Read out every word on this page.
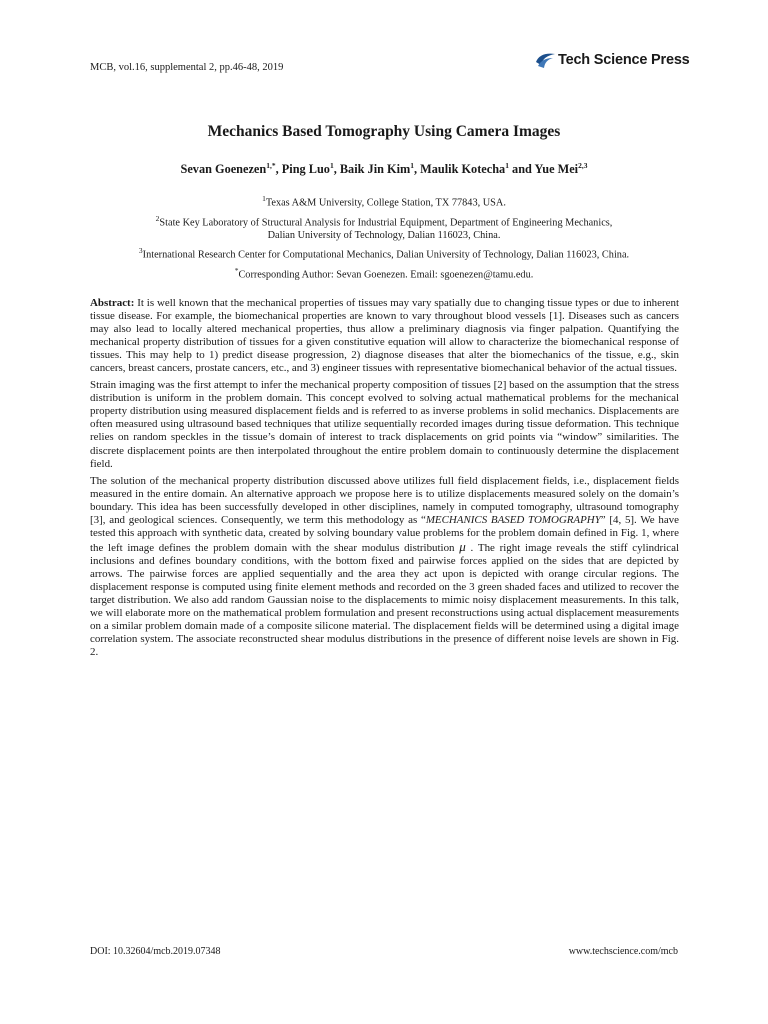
MCB, vol.16, supplemental 2, pp.46-48, 2019	Tech Science Press
Mechanics Based Tomography Using Camera Images
Sevan Goenezen$^{1,*}$, Ping Luo$^1$, Baik Jin Kim$^1$, Maulik Kotecha$^1$ and Yue Mei$^{2,3}$
$^1$Texas A&M University, College Station, TX 77843, USA.
$^2$State Key Laboratory of Structural Analysis for Industrial Equipment, Department of Engineering Mechanics,
Dalian University of Technology, Dalian 116023, China.
$^3$International Research Center for Computational Mechanics, Dalian University of Technology, Dalian 116023, China.
*Corresponding Author: Sevan Goenezen. Email: sgoenezen@tamu.edu.

Abstract: It is well known that the mechanical properties of tissues may vary spatially due to changing tissue types or due to inherent tissue disease. For example, the biomechanical properties are known to vary throughout blood vessels [1]. Diseases such as cancers may also lead to locally altered mechanical properties, thus allow a preliminary diagnosis via finger palpation. Quantifying the mechanical property distribution of tissues for a given constitutive equation will allow to characterize the biomechanical response of tissues. This may help to 1) predict disease progression, 2) diagnose diseases that alter the biomechanics of the tissue, e.g., skin cancers, breast cancers, prostate cancers, etc., and 3) engineer tissues with representative biomechanical behavior of the actual tissues.

Strain imaging was the first attempt to infer the mechanical property composition of tissues [2] based on the assumption that the stress distribution is uniform in the problem domain. This concept evolved to solving actual mathematical problems for the mechanical property distribution using measured displacement fields and is referred to as inverse problems in solid mechanics. Displacements are often measured using ultrasound based techniques that utilize sequentially recorded images during tissue deformation. This technique relies on random speckles in the tissue’s domain of interest to track displacements on grid points via “window” similarities. The discrete displacement points are then interpolated throughout the entire problem domain to continuously determine the displacement field.

The solution of the mechanical property distribution discussed above utilizes full field displacement fields, i.e., displacement fields measured in the entire domain. An alternative approach we propose here is to utilize displacements measured solely on the domain’s boundary. This idea has been successfully developed in other disciplines, namely in computed tomography, ultrasound tomography [3], and geological sciences. Consequently, we term this methodology as “MECHANICS BASED TOMOGRAPHY” [4, 5]. We have tested this approach with synthetic data, created by solving boundary value problems for the problem domain defined in Fig. 1, where the left image defines the problem domain with the shear modulus distribution μ . The right image reveals the stiff cylindrical inclusions and defines boundary conditions, with the bottom fixed and pairwise forces applied on the sides that are depicted by arrows. The pairwise forces are applied sequentially and the area they act upon is depicted with orange circular regions. The displacement response is computed using finite element methods and recorded on the 3 green shaded faces and utilized to recover the target distribution. We also add random Gaussian noise to the displacements to mimic noisy displacement measurements. In this talk, we will elaborate more on the mathematical problem formulation and present reconstructions using actual displacement measurements on a similar problem domain made of a composite silicone material. The displacement fields will be determined using a digital image correlation system. The associate reconstructed shear modulus distributions in the presence of different noise levels are shown in Fig. 2.

DOI: 10.32604/mcb.2019.07348	www.techscience.com/mcb
